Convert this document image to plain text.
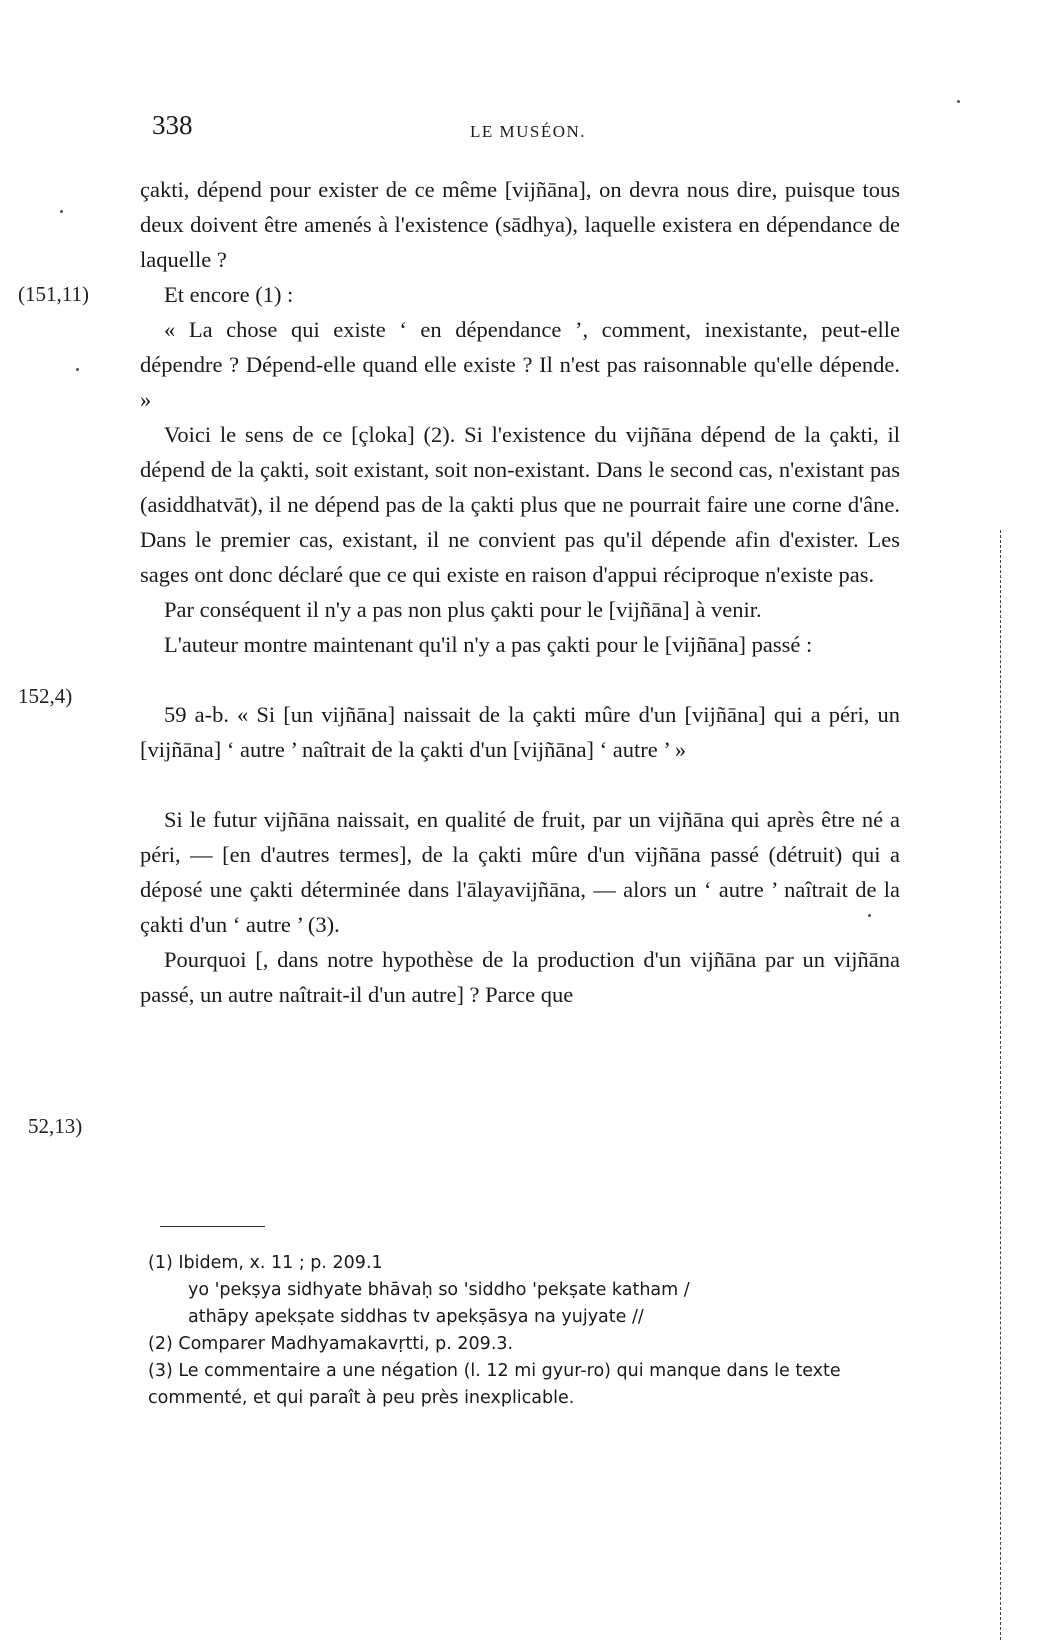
338	LE MUSÉON.
(151,11)
152,4)
52,13)

çakti, dépend pour exister de ce même [vijñāna], on devra nous dire, puisque tous deux doivent être amenés à l'existence (sādhya), laquelle existera en dépendance de laquelle ?

Et encore (1) :

« La chose qui existe ‘ en dépendance ’, comment, inexistante, peut-elle dépendre ? Dépend-elle quand elle existe ? Il n'est pas raisonnable qu'elle dépende. »

Voici le sens de ce [çloka] (2). Si l'existence du vijñāna dépend de la çakti, il dépend de la çakti, soit existant, soit non-existant. Dans le second cas, n'existant pas (asiddhatvāt), il ne dépend pas de la çakti plus que ne pourrait faire une corne d'âne. Dans le premier cas, existant, il ne convient pas qu'il dépende afin d'exister. Les sages ont donc déclaré que ce qui existe en raison d'appui réciproque n'existe pas.

Par conséquent il n'y a pas non plus çakti pour le [vijñāna] à venir.

L'auteur montre maintenant qu'il n'y a pas çakti pour le [vijñāna] passé :

59 a-b. « Si [un vijñāna] naissait de la çakti mûre d'un [vijñāna] qui a péri, un [vijñāna] ‘ autre ’ naîtrait de la çakti d'un [vijñāna] ‘ autre ’ »

Si le futur vijñāna naissait, en qualité de fruit, par un vijñāna qui après être né a péri, — [en d'autres termes], de la çakti mûre d'un vijñāna passé (détruit) qui a déposé une çakti déterminée dans l'ālayavijñāna, — alors un ‘ autre ’ naîtrait de la çakti d'un ‘ autre ’ (3).

Pourquoi [, dans notre hypothèse de la production d'un vijñāna par un vijñāna passé, un autre naîtrait-il d'un autre] ? Parce que

(1) Ibidem, x. 11 ; p. 209.1

yo 'pekṣya sidhyate bhāvaḥ so 'siddho 'pekṣate katham /

athāpy apekṣate siddhas tv apekṣāsya na yujyate //

(2) Comparer Madhyamakavṛtti, p. 209.3.

(3) Le commentaire a une négation (l. 12 mi gyur-ro) qui manque dans le texte commenté, et qui paraît à peu près inexplicable.
